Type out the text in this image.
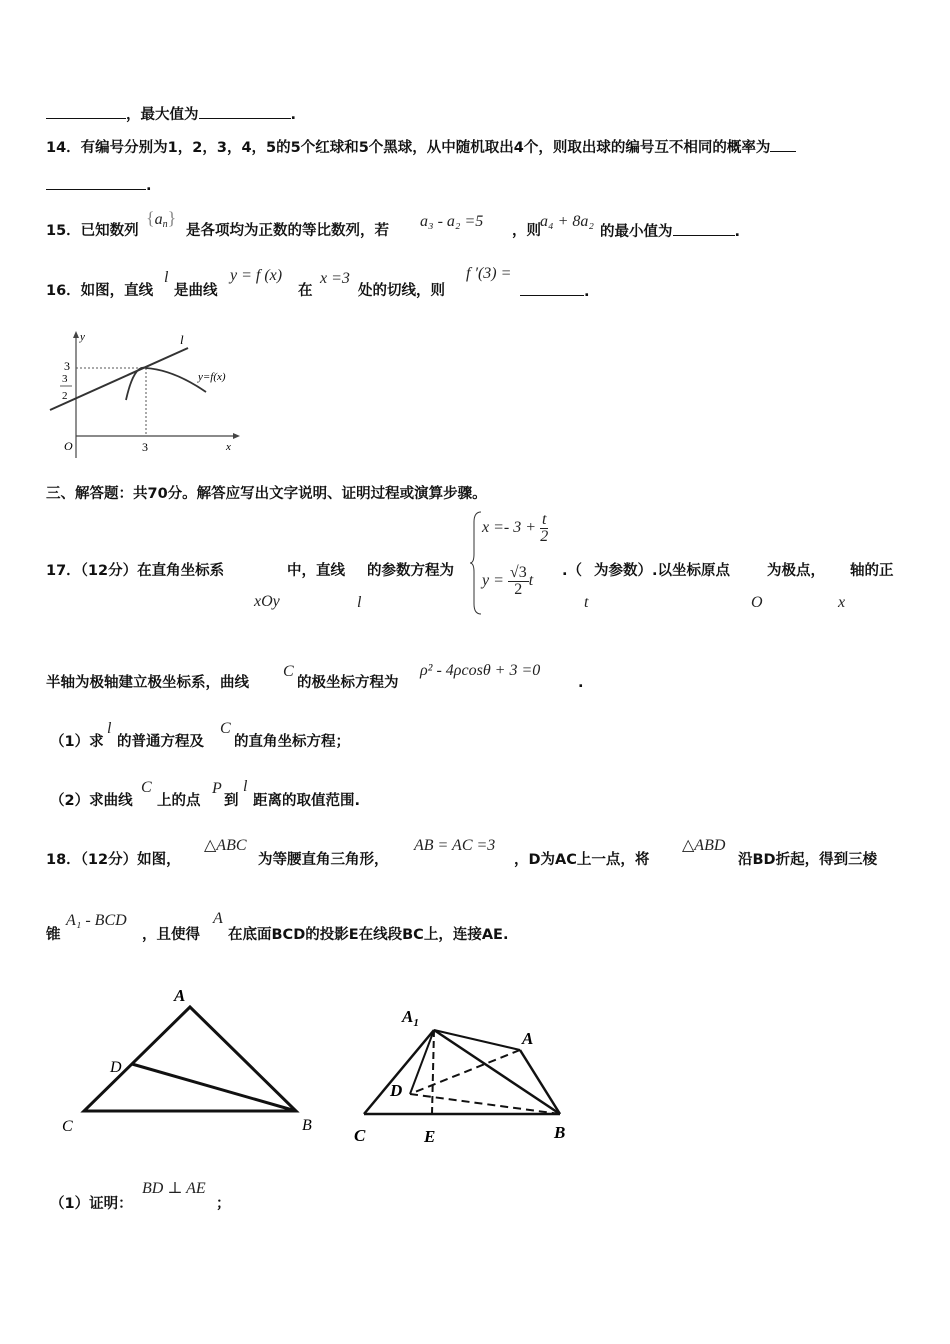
，最大值为	.
14．有编号分别为1，2，3，4，5的5个红球和5个黑球，从中随机取出4个，则取出球的编号互不相同的概率为
.
15．已知数列
$\{a_n\}$
是各项均为正数的等比数列，若
a₃ - a₂ =5
，则
a₄ + 8a₂
的最小值为	.
16．如图，直线
l
是曲线
y = f (x)
在
x =3
处的切线，则
f ′(3) =
.
y
x
O
3
3
2
3
l
y=f(x)
三、解答题：共70分。解答应写出文字说明、证明过程或演算步骤。
17．（12分）在直角坐标系
xOy
中，直线
l
的参数方程为
$x =- 3 + \frac{t}{2}$
$y = \frac{√3}{2}$ t
.（
t
为参数）.以坐标原点
O
为极点，
x
轴的正
半轴为极轴建立极坐标系，曲线
C
的极坐标方程为
ρ² - 4ρcosθ + 3 =0
.
（1）求
l
的普通方程及
C
的直角坐标方程；
（2）求曲线
C
上的点
P
到
l
距离的取值范围.
18．（12分）如图，
△ABC
为等腰直角三角形，
AB = AC =3
，D为AC上一点，将
△ABD
沿BD折起，得到三棱
锥
A₁ - BCD
，且使得
A
在底面BCD的投影E在线段BC上，连接AE.
A
B
C
D
$A_1$
A
B
C
D
E
（1）证明：
BD ⊥ AE
；
